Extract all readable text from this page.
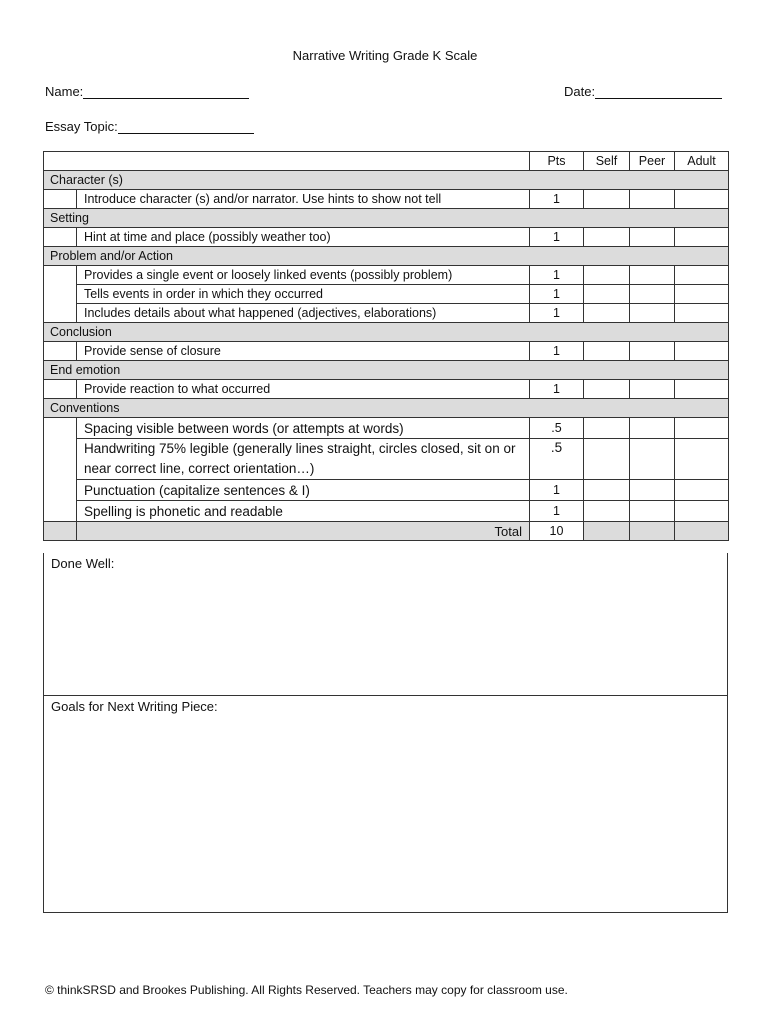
Narrative Writing Grade K Scale
Name:	Date:
Essay Topic:
		Pts	Self	Peer	Adult
Character (s)					
	Introduce character (s) and/or narrator. Use hints to show not tell	1			
Setting					
	Hint at time and place (possibly weather too)	1			
Problem and/or Action					
	Provides a single event or loosely linked events (possibly problem)	1			
	Tells events in order in which they occurred	1			
	Includes details about what happened (adjectives, elaborations)	1			
Conclusion					
	Provide sense of closure	1			
End emotion					
	Provide reaction to what occurred	1			
Conventions					
	Spacing visible between words (or attempts at words)	.5			
	Handwriting 75% legible (generally lines straight, circles closed, sit on or near correct line, correct orientation…)	.5			
	Punctuation (capitalize sentences & I)	1			
	Spelling is phonetic and readable	1			
	Total	10			
Done Well:
Goals for Next Writing Piece:
© thinkSRSD and Brookes Publishing. All Rights Reserved. Teachers may copy for classroom use.
